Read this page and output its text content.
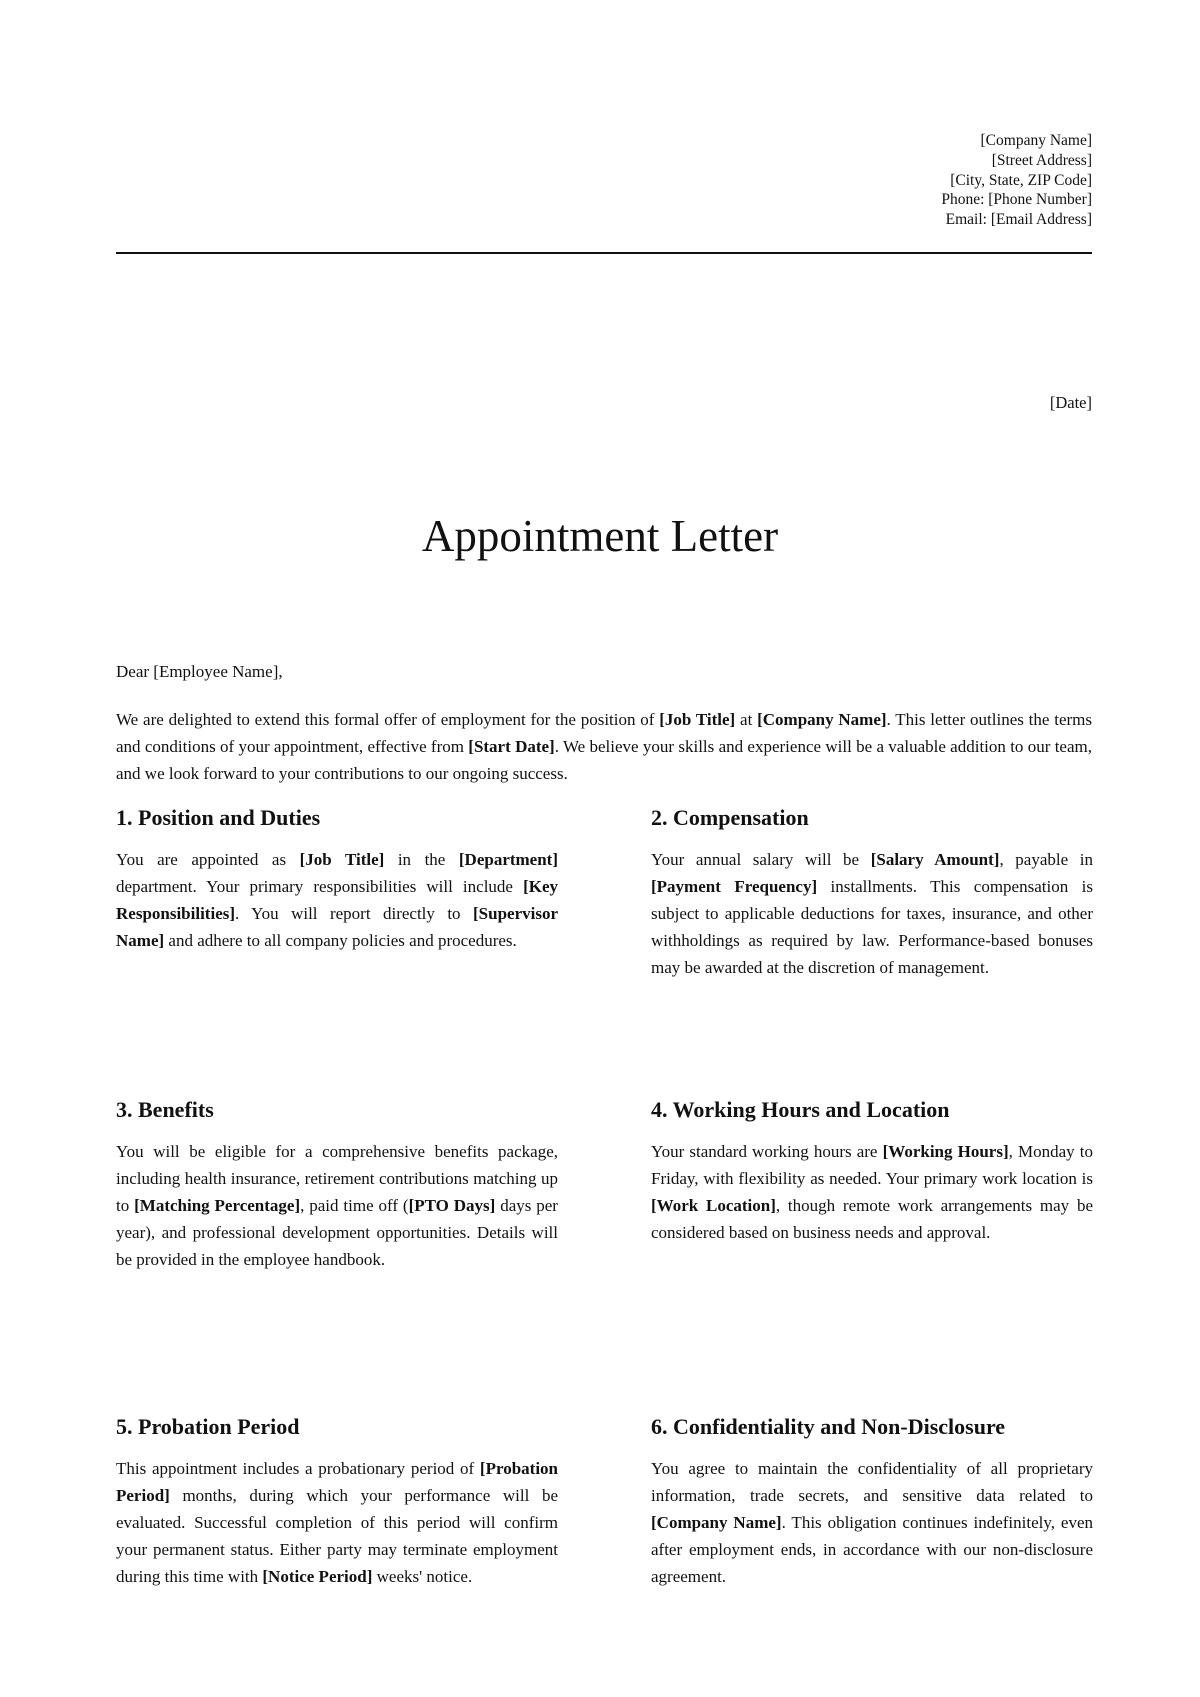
[Company Name]
[Street Address]
[City, State, ZIP Code]
Phone: [Phone Number]
Email: [Email Address]
[Date]
Appointment Letter

Dear [Employee Name],

We are delighted to extend this formal offer of employment for the position of [Job Title] at [Company Name]. This letter outlines the terms and conditions of your appointment, effective from [Start Date]. We believe your skills and experience will be a valuable addition to our team, and we look forward to your contributions to our ongoing success.

1. Position and Duties

You are appointed as [Job Title] in the [Department] department. Your primary responsibilities will include [Key Responsibilities]. You will report directly to [Supervisor Name] and adhere to all company policies and procedures.

2. Compensation

Your annual salary will be [Salary Amount], payable in [Payment Frequency] installments. This compensation is subject to applicable deductions for taxes, insurance, and other withholdings as required by law. Performance-based bonuses may be awarded at the discretion of management.

3. Benefits

You will be eligible for a comprehensive benefits package, including health insurance, retirement contributions matching up to [Matching Percentage], paid time off ([PTO Days] days per year), and professional development opportunities. Details will be provided in the employee handbook.

4. Working Hours and Location

Your standard working hours are [Working Hours], Monday to Friday, with flexibility as needed. Your primary work location is [Work Location], though remote work arrangements may be considered based on business needs and approval.

5. Probation Period

This appointment includes a probationary period of [Probation Period] months, during which your performance will be evaluated. Successful completion of this period will confirm your permanent status. Either party may terminate employment during this time with [Notice Period] weeks' notice.

6. Confidentiality and Non-Disclosure

You agree to maintain the confidentiality of all proprietary information, trade secrets, and sensitive data related to [Company Name]. This obligation continues indefinitely, even after employment ends, in accordance with our non-disclosure agreement.
